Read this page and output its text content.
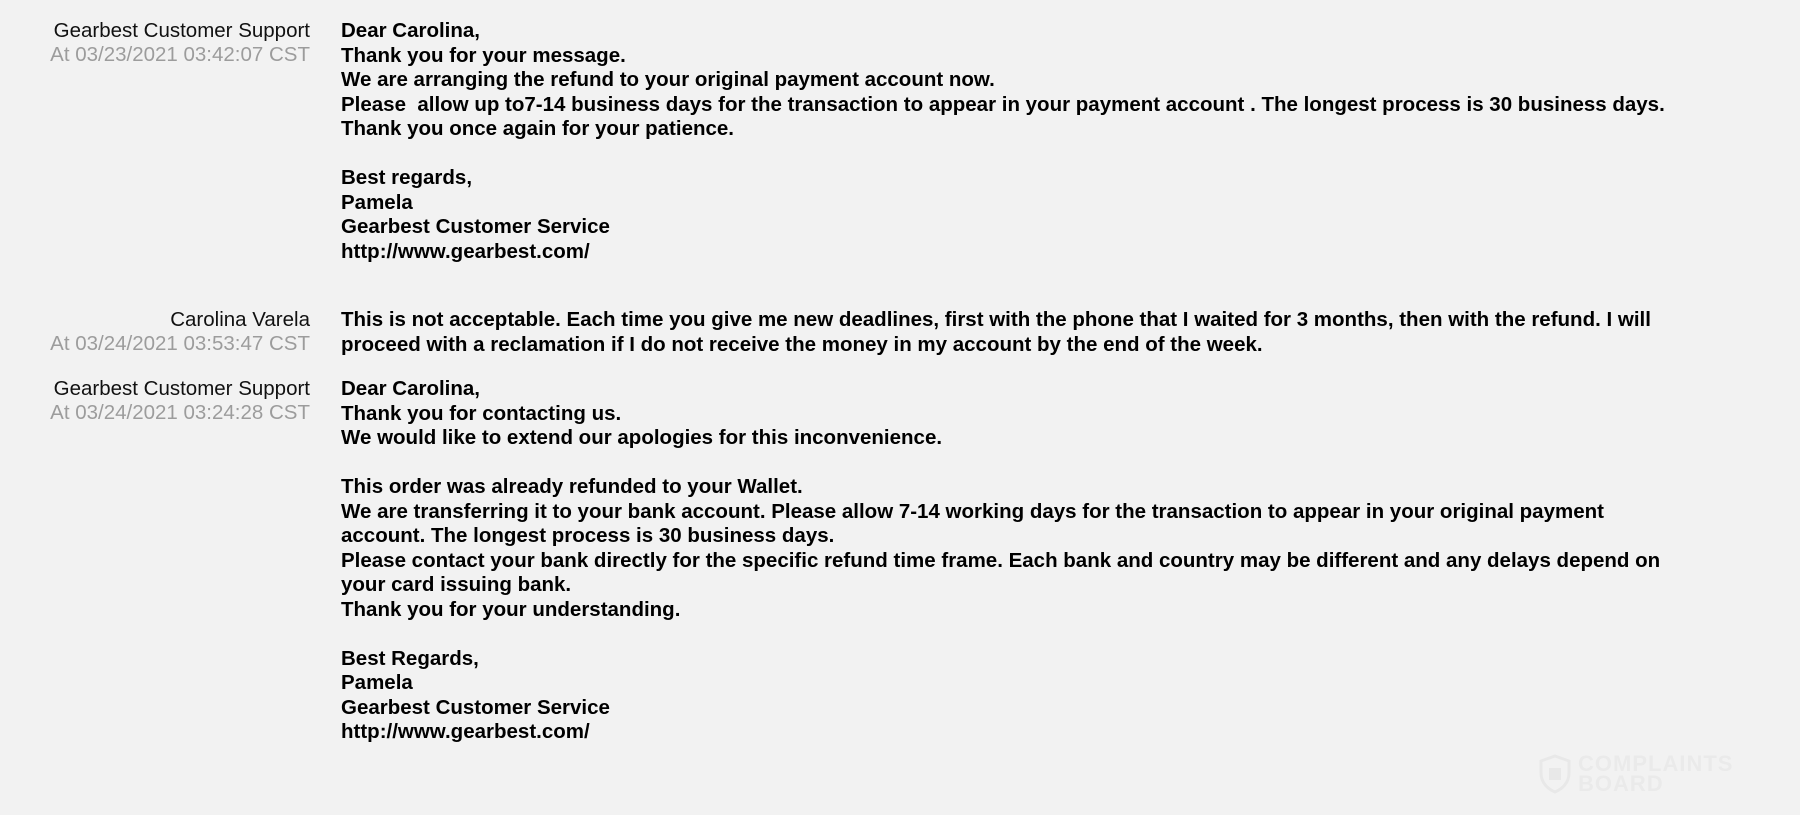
Gearbest Customer Support
At 03/23/2021 03:42:07 CST
Dear Carolina,
Thank you for your message.
We are arranging the refund to your original payment account now.
Please  allow up to7-14 business days for the transaction to appear in your payment account . The longest process is 30 business days.
Thank you once again for your patience.
Best regards,
Pamela
Gearbest Customer Service
http://www.gearbest.com/
Carolina Varela
At 03/24/2021 03:53:47 CST
This is not acceptable. Each time you give me new deadlines, first with the phone that I waited for 3 months, then with the refund. I will
proceed with a reclamation if I do not receive the money in my account by the end of the week.
Gearbest Customer Support
At 03/24/2021 03:24:28 CST
Dear Carolina,
Thank you for contacting us.
We would like to extend our apologies for this inconvenience.
This order was already refunded to your Wallet.
We are transferring it to your bank account. Please allow 7-14 working days for the transaction to appear in your original payment
account. The longest process is 30 business days.
Please contact your bank directly for the specific refund time frame. Each bank and country may be different and any delays depend on
your card issuing bank.
Thank you for your understanding.
Best Regards,
Pamela
Gearbest Customer Service
http://www.gearbest.com/
COMPLAINTS
BOARD
